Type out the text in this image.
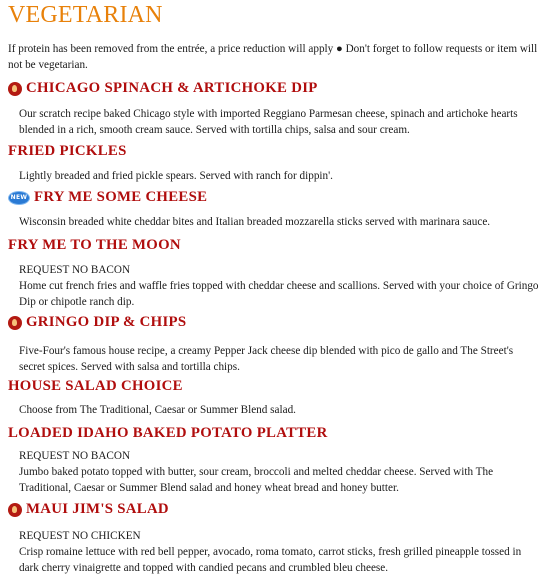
VEGETARIAN
If protein has been removed from the entrée, a price reduction will apply ● Don't forget to follow requests or item will not be vegetarian.
CHICAGO SPINACH & ARTICHOKE DIP
Our scratch recipe baked Chicago style with imported Reggiano Parmesan cheese, spinach and artichoke hearts blended in a rich, smooth cream sauce. Served with tortilla chips, salsa and sour cream.
FRIED PICKLES
Lightly breaded and fried pickle spears. Served with ranch for dippin'.
NEW FRY ME SOME CHEESE
Wisconsin breaded white cheddar bites and Italian breaded mozzarella sticks served with marinara sauce.
FRY ME TO THE MOON
REQUEST NO BACON
Home cut french fries and waffle fries topped with cheddar cheese and scallions. Served with your choice of Gringo Dip or chipotle ranch dip.
GRINGO DIP & CHIPS
Five-Four's famous house recipe, a creamy Pepper Jack cheese dip blended with pico de gallo and The Street's secret spices. Served with salsa and tortilla chips.
HOUSE SALAD CHOICE
Choose from The Traditional, Caesar or Summer Blend salad.
LOADED IDAHO BAKED POTATO PLATTER
REQUEST NO BACON
Jumbo baked potato topped with butter, sour cream, broccoli and melted cheddar cheese. Served with The Traditional, Caesar or Summer Blend salad and honey wheat bread and honey butter.
MAUI JIM'S SALAD
REQUEST NO CHICKEN
Crisp romaine lettuce with red bell pepper, avocado, roma tomato, carrot sticks, fresh grilled pineapple tossed in dark cherry vinaigrette and topped with candied pecans and crumbled bleu cheese.
